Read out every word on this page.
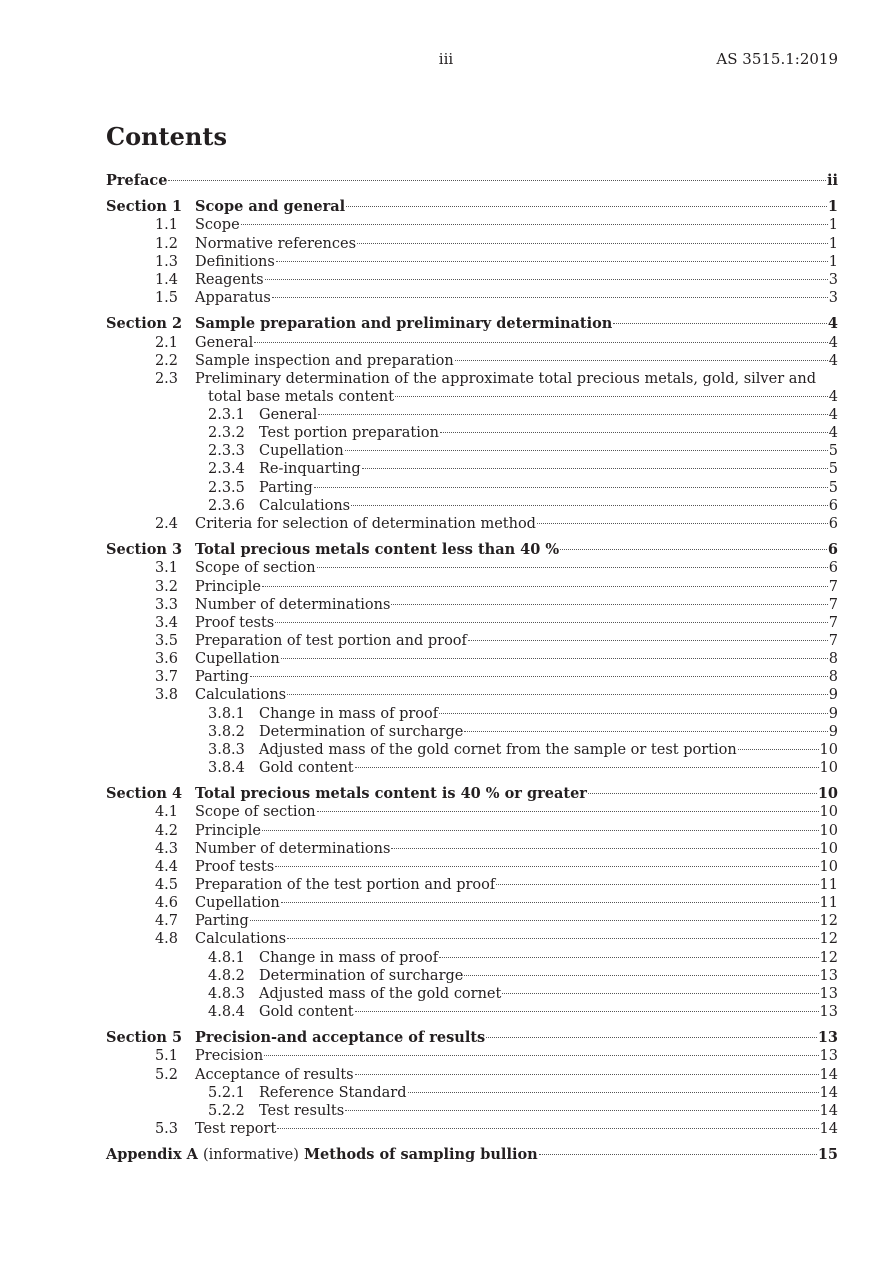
iii	AS 3515.1:2019
Contents
Preface	ii
Section 1 Scope and general	1
1.1 Scope	1
1.2 Normative references	1
1.3 Definitions	1
1.4 Reagents	3
1.5 Apparatus	3
Section 2 Sample preparation and preliminary determination	4
2.1 General	4
2.2 Sample inspection and preparation	4
2.3 Preliminary determination of the approximate total precious metals, gold, silver and
total base metals content	4
2.3.1 General	4
2.3.2 Test portion preparation	4
2.3.3 Cupellation	5
2.3.4 Re-inquarting	5
2.3.5 Parting	5
2.3.6 Calculations	6
2.4 Criteria for selection of determination method	6
Section 3 Total precious metals content less than 40 %	6
3.1 Scope of section	6
3.2 Principle	7
3.3 Number of determinations	7
3.4 Proof tests	7
3.5 Preparation of test portion and proof	7
3.6 Cupellation	8
3.7 Parting	8
3.8 Calculations	9
3.8.1 Change in mass of proof	9
3.8.2 Determination of surcharge	9
3.8.3 Adjusted mass of the gold cornet from the sample or test portion	10
3.8.4 Gold content	10
Section 4 Total precious metals content is 40 % or greater	10
4.1 Scope of section	10
4.2 Principle	10
4.3 Number of determinations	10
4.4 Proof tests	10
4.5 Preparation of the test portion and proof	11
4.6 Cupellation	11
4.7 Parting	12
4.8 Calculations	12
4.8.1 Change in mass of proof	12
4.8.2 Determination of surcharge	13
4.8.3 Adjusted mass of the gold cornet	13
4.8.4 Gold content	13
Section 5 Precision-and acceptance of results	13
5.1 Precision	13
5.2 Acceptance of results	14
5.2.1 Reference Standard	14
5.2.2 Test results	14
5.3 Test report	14
Appendix A (informative) Methods of sampling bullion	15
